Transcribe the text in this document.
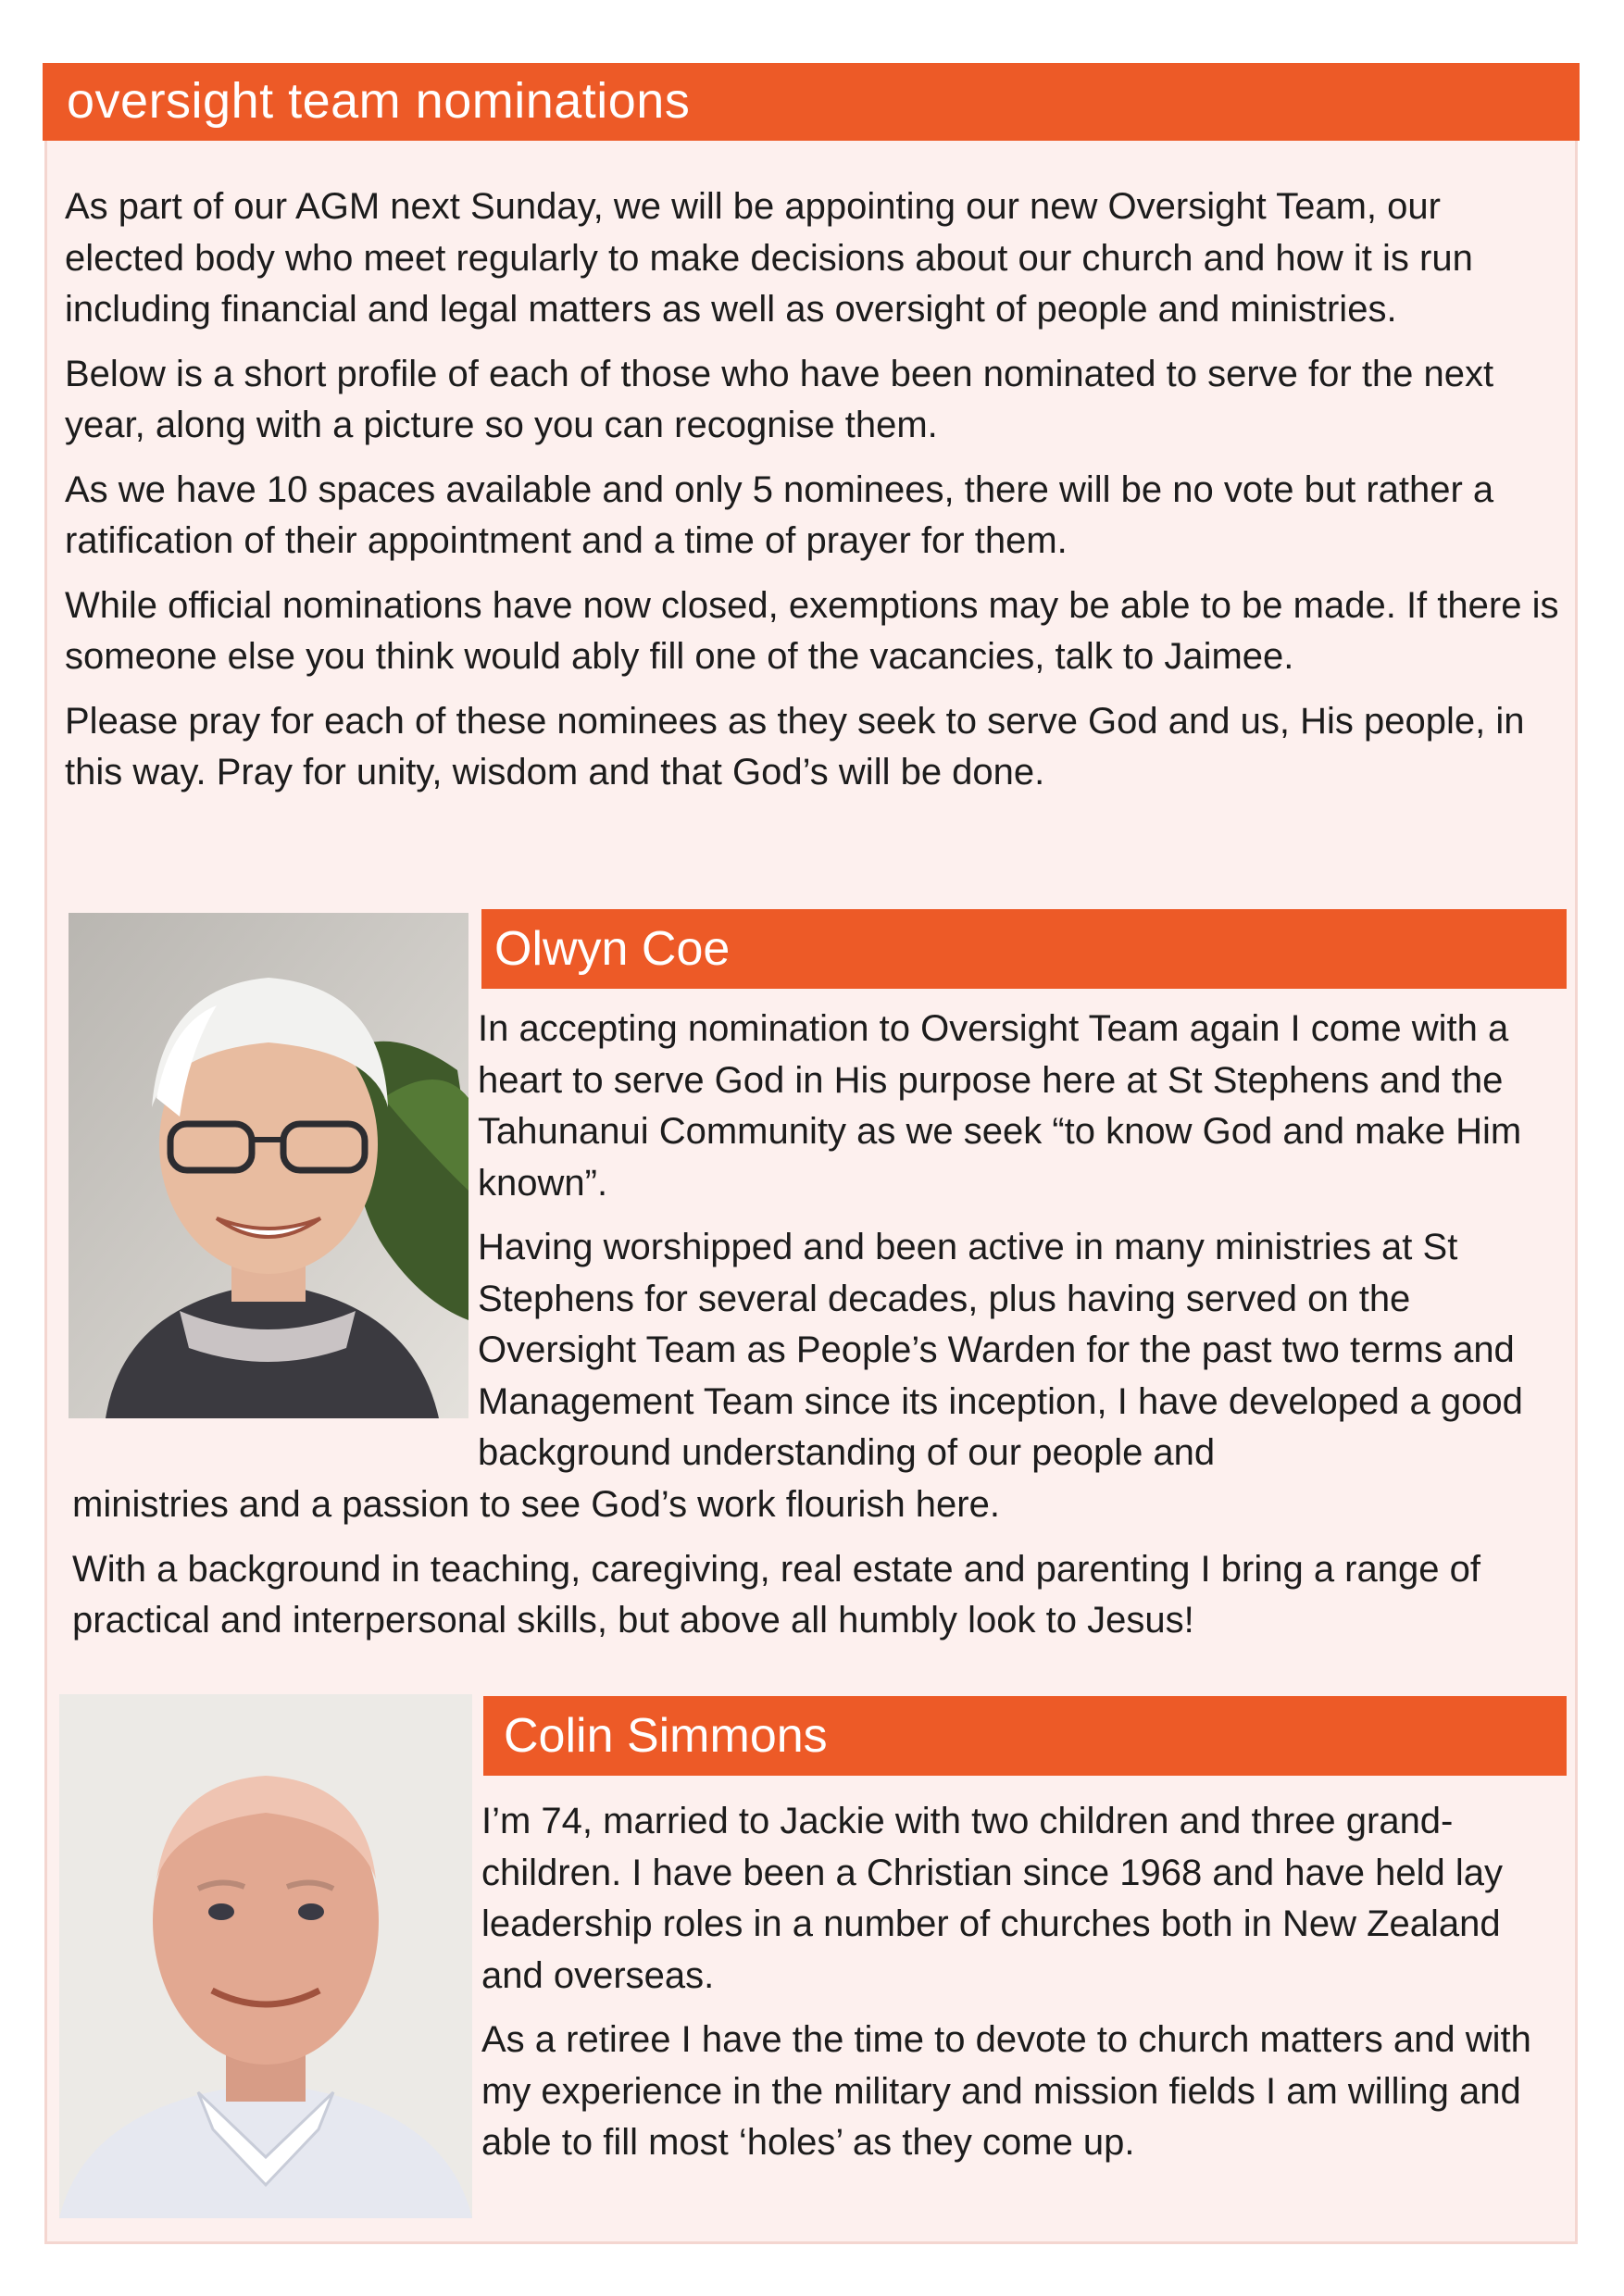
oversight team nominations

As part of our AGM next Sunday, we will be appointing our new Oversight Team, our elected body who meet regularly to make decisions about our church and how it is run including financial and legal matters as well as oversight of people and ministries.

Below is a short profile of each of those who have been nominated to serve for the next year, along with a picture so you can recognise them.

As we have 10 spaces available and only 5 nominees, there will be no vote but rather a ratification of their appointment and a time of prayer for them.

While official nominations have now closed, exemptions may be able to be made. If there is someone else you think would ably fill one of the vacancies, talk to Jaimee.

Please pray for each of these nominees as they seek to serve God and us, His people, in this way. Pray for unity, wisdom and that God’s will be done.

Olwyn Coe

In accepting nomination to Oversight Team again I come with a heart to serve God in His purpose here at St Stephens and the Tahunanui Community as we seek “to know God and make Him known”.

Having worshipped and been active in many ministries at St Stephens for several decades, plus having served on the Oversight Team as People’s Warden for the past two terms and Management Team since its inception, I have developed a good background understanding of our people and

ministries and a passion to see God’s work flourish here.

With a background in teaching, caregiving, real estate and parenting I bring a range of practical and interpersonal skills, but above all humbly look to Jesus!

Colin Simmons

I’m 74, married to Jackie with two children and three grand-children. I have been a Christian since 1968 and have held lay leadership roles in a number of churches both in New Zealand and overseas.

As a retiree I have the time to devote to church matters and with my experience in the military and mission fields I am willing and able to fill most ‘holes’ as they come up.
